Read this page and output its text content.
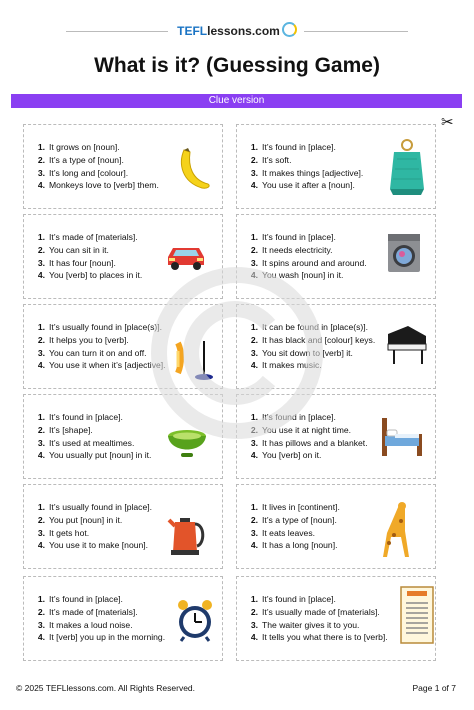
TEFLlessons.com
What is it? (Guessing Game)
Clue version
✂
1. It grows on [noun].
2. It’s a type of [noun].
3. It’s long and [colour].
4. Monkeys love to [verb] them.
1. It’s found in [place].
2. It’s soft.
3. It makes things [adjective].
4. You use it after a [noun].
1. It’s made of [materials].
2. You can sit in it.
3. It has four [noun].
4. You [verb] to places in it.
1. It’s found in [place].
2. It needs electricity.
3. It spins around and around.
4. You wash [noun] in it.
1. It’s usually found in [place(s)].
2. It helps you to [verb].
3. You can turn it on and off.
4. You use it when it’s [adjective].
1. It can be found in [place(s)].
2. It has black and [colour] keys.
3. You sit down to [verb] it.
4. It makes music.
1. It’s found in [place].
2. It’s [shape].
3. It’s used at mealtimes.
4. You usually put [noun] in it.
1. It’s found in [place].
2. You use it at night time.
3. It has pillows and a blanket.
4. You [verb] on it.
1. It’s usually found in [place].
2. You put [noun] in it.
3. It gets hot.
4. You use it to make [noun].
1. It lives in [continent].
2. It’s a type of [noun].
3. It eats leaves.
4. It has a long [noun].
1. It’s found in [place].
2. It’s made of [materials].
3. It makes a loud noise.
4. It [verb] you up in the morning.
1. It’s found in [place].
2. It’s usually made of [materials].
3. The waiter gives it to you.
4. It tells you what there is to [verb].
© 2025 TEFLlessons.com. All Rights Reserved.	Page 1 of 7
